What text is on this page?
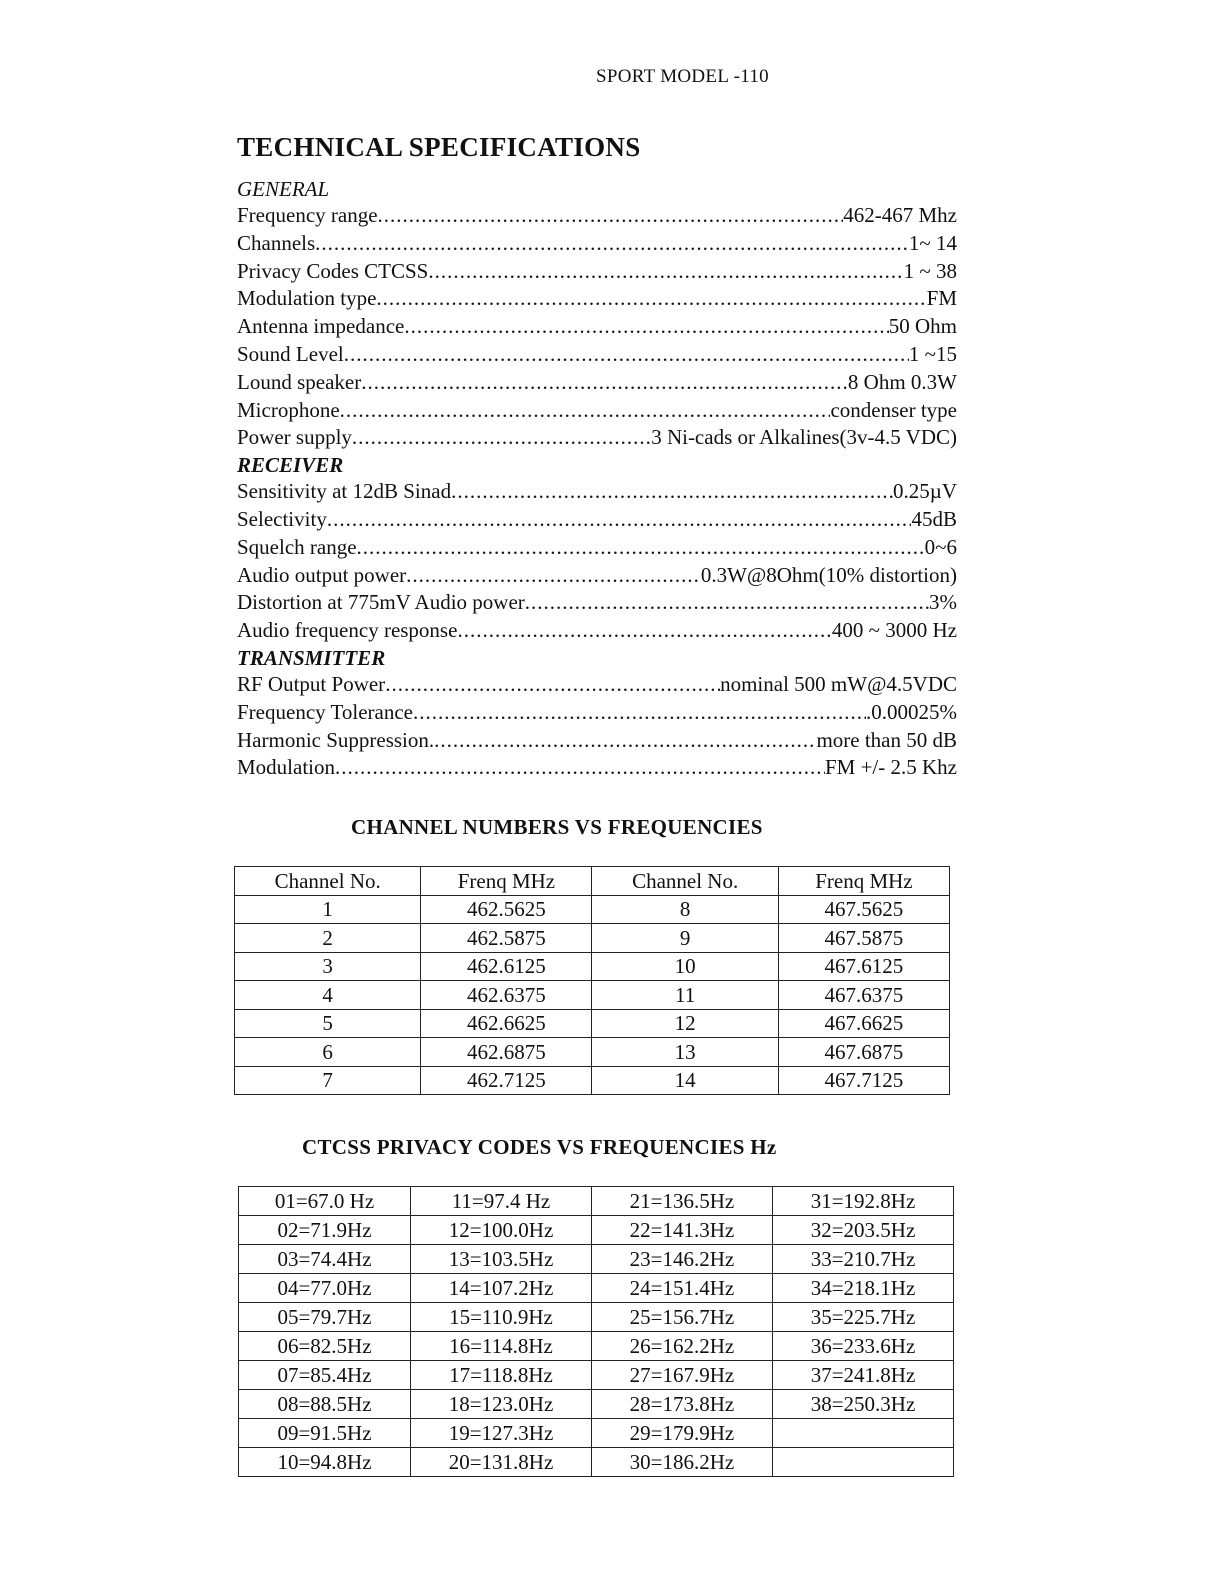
SPORT MODEL -110
TECHNICAL SPECIFICATIONS
GENERAL
Frequency range .....	462-467 Mhz
Channels .....	1~ 14
Privacy Codes CTCSS .....	1 ~ 38
Modulation type .....	FM
Antenna impedance .....	50 Ohm
Sound Level .....	1 ~15
Lound speaker .....	8 Ohm 0.3W
Microphone .....	condenser type
Power supply .....	3 Ni-cads or Alkalines(3v-4.5 VDC)
RECEIVER
Sensitivity at 12dB Sinad .....	0.25µV
Selectivity .....	45dB
Squelch range .....	0~6
Audio output power .....	0.3W@8Ohm(10% distortion)
Distortion at 775mV Audio power .....	3%
Audio frequency response .....	400 ~ 3000 Hz
TRANSMITTER
RF Output Power .....	nominal 500 mW@4.5VDC
Frequency Tolerance .....	.0.00025%
Harmonic Suppression. .....	more than 50 dB
Modulation .....	FM +/- 2.5 Khz
CHANNEL NUMBERS VS FREQUENCIES
Channel No.	Frenq MHz	Channel No.	Frenq MHz
1	462.5625	8	467.5625
2	462.5875	9	467.5875
3	462.6125	10	467.6125
4	462.6375	11	467.6375
5	462.6625	12	467.6625
6	462.6875	13	467.6875
7	462.7125	14	467.7125
CTCSS PRIVACY CODES VS FREQUENCIES Hz
01=67.0 Hz	11=97.4 Hz	21=136.5Hz	31=192.8Hz
02=71.9Hz	12=100.0Hz	22=141.3Hz	32=203.5Hz
03=74.4Hz	13=103.5Hz	23=146.2Hz	33=210.7Hz
04=77.0Hz	14=107.2Hz	24=151.4Hz	34=218.1Hz
05=79.7Hz	15=110.9Hz	25=156.7Hz	35=225.7Hz
06=82.5Hz	16=114.8Hz	26=162.2Hz	36=233.6Hz
07=85.4Hz	17=118.8Hz	27=167.9Hz	37=241.8Hz
08=88.5Hz	18=123.0Hz	28=173.8Hz	38=250.3Hz
09=91.5Hz	19=127.3Hz	29=179.9Hz	
10=94.8Hz	20=131.8Hz	30=186.2Hz	
